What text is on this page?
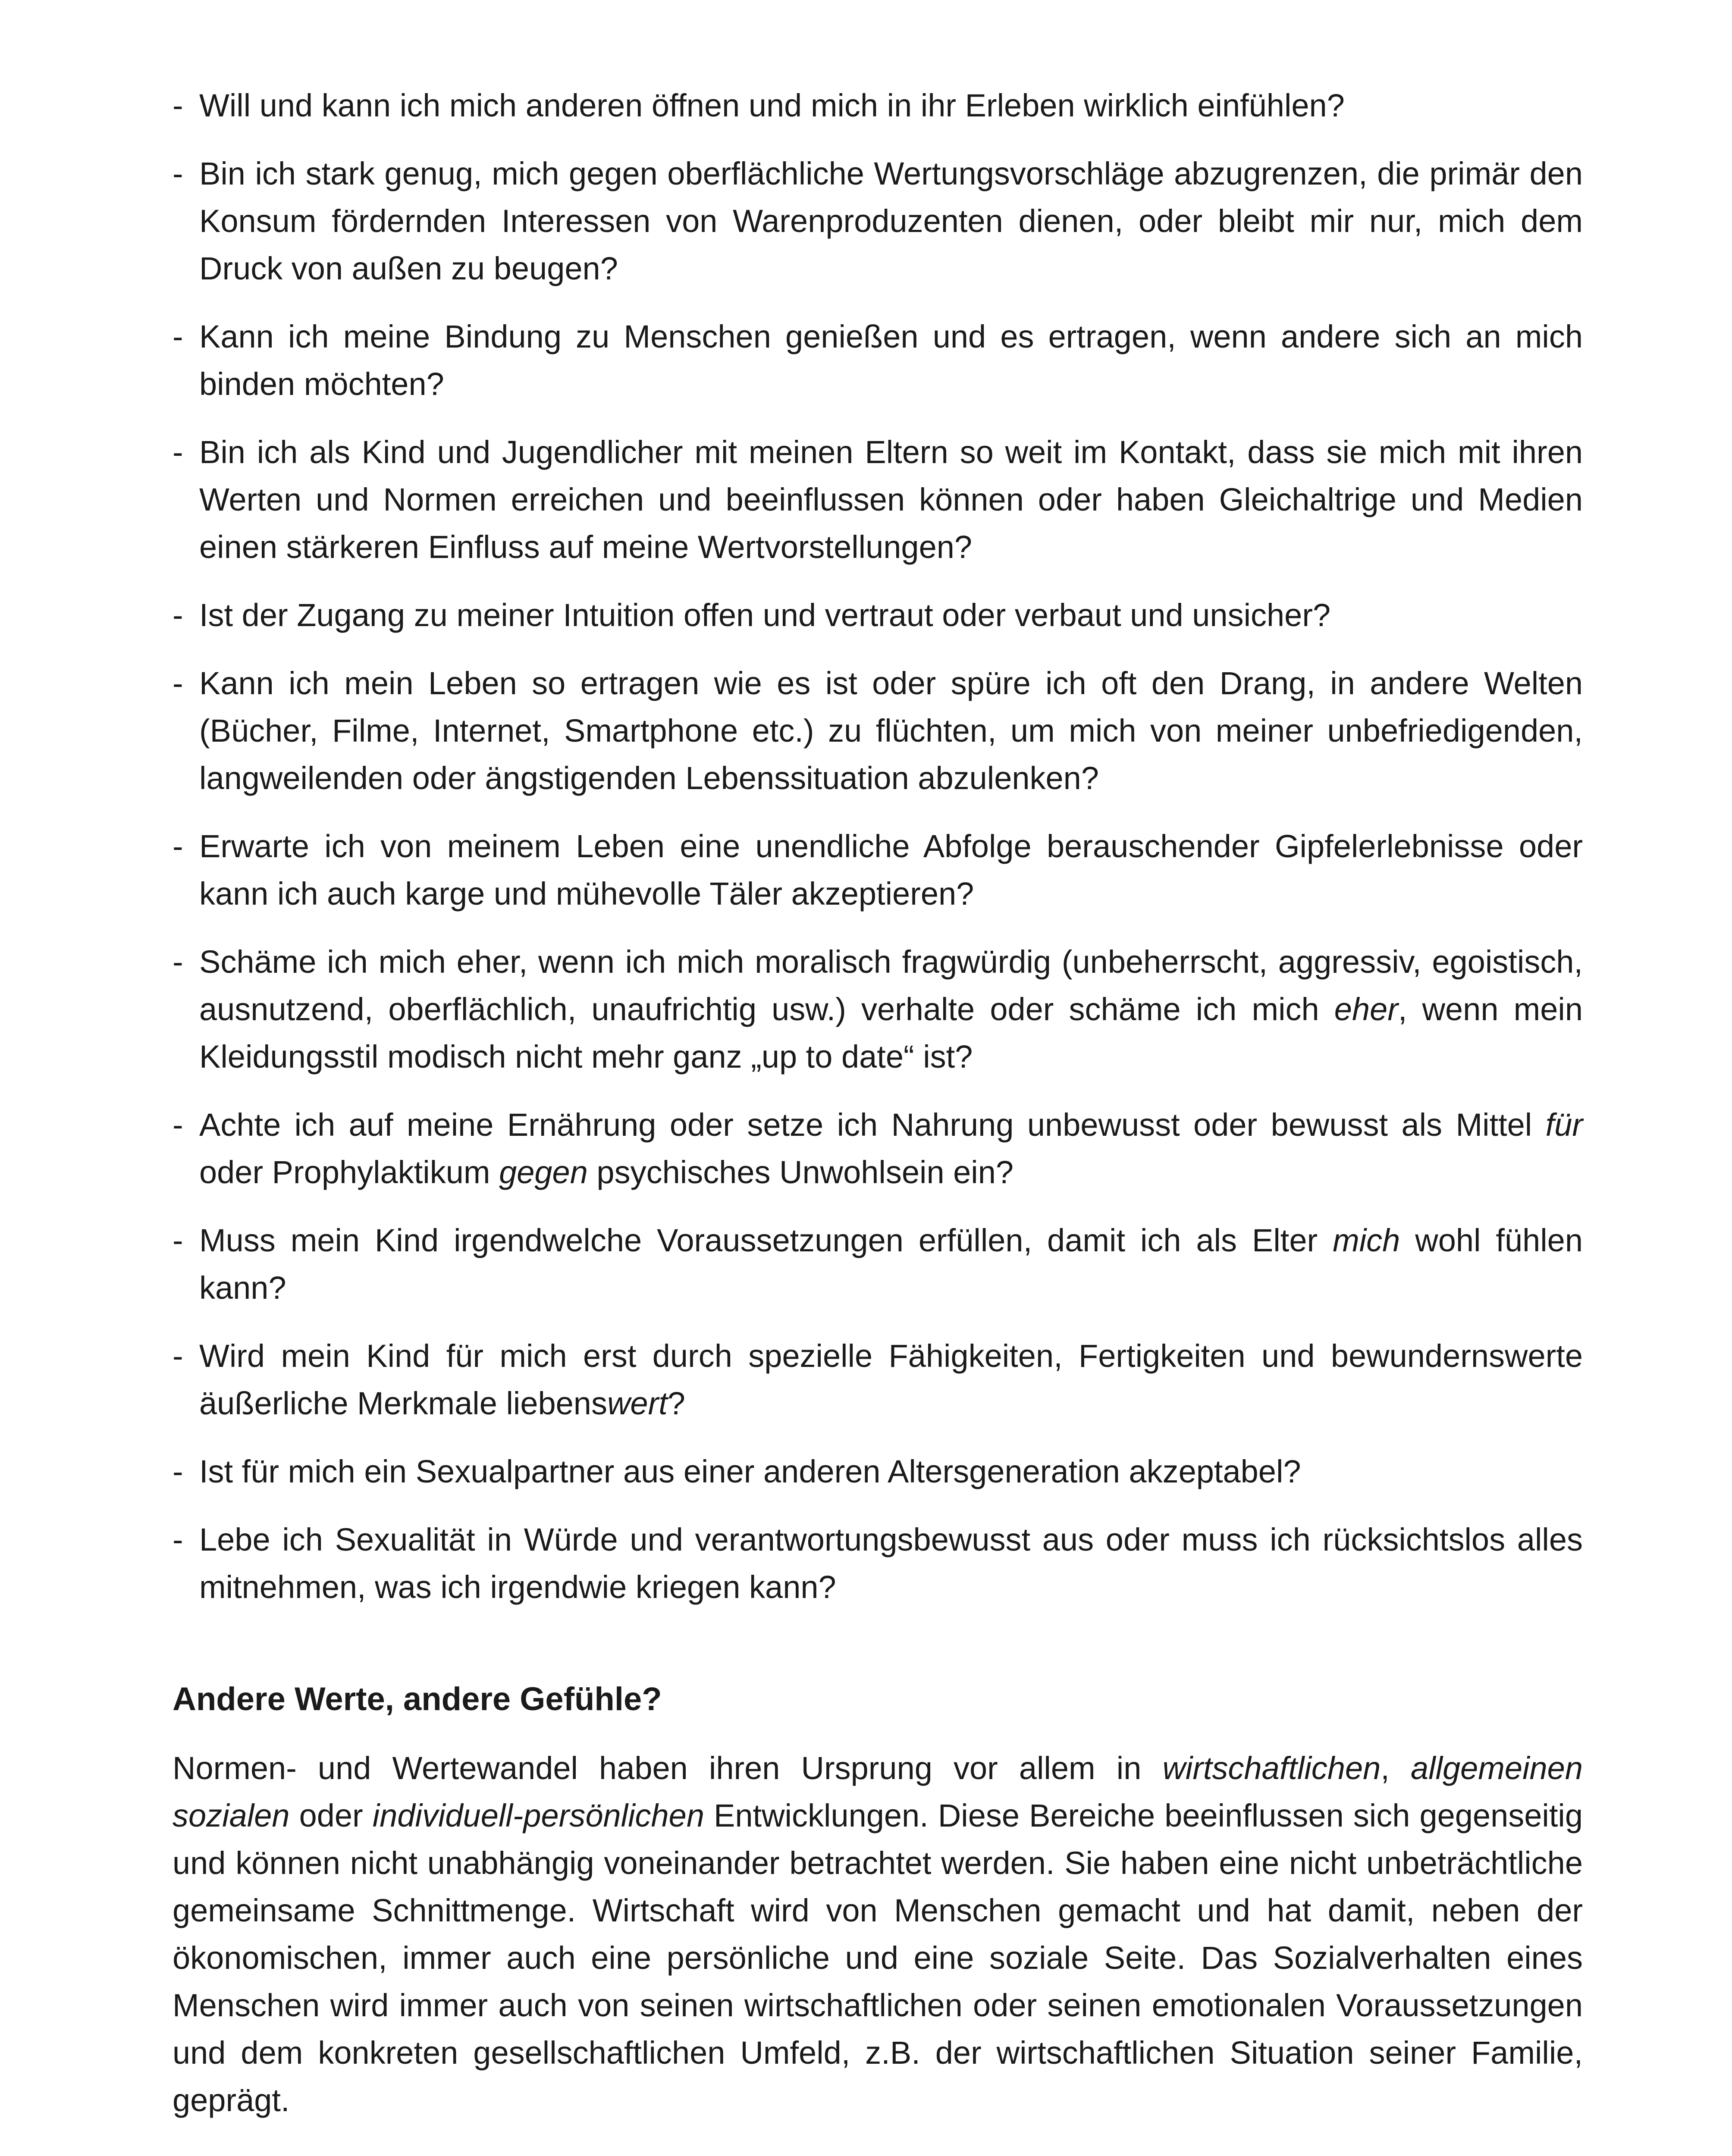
- Will und kann ich mich anderen öffnen und mich in ihr Erleben wirklich einfühlen?
- Bin ich stark genug, mich gegen oberflächliche Wertungsvorschläge abzugrenzen, die primär den Konsum fördernden Interessen von Warenproduzenten dienen, oder bleibt mir nur, mich dem Druck von außen zu beugen?
- Kann ich meine Bindung zu Menschen genießen und es ertragen, wenn andere sich an mich binden möchten?
- Bin ich als Kind und Jugendlicher mit meinen Eltern so weit im Kontakt, dass sie mich mit ihren Werten und Normen erreichen und beeinflussen können oder haben Gleichaltrige und Medien einen stärkeren Einfluss auf meine Wertvorstellungen?
- Ist der Zugang zu meiner Intuition offen und vertraut oder verbaut und unsicher?
- Kann ich mein Leben so ertragen wie es ist oder spüre ich oft den Drang, in andere Welten (Bücher, Filme, Internet, Smartphone etc.) zu flüchten, um mich von meiner unbefriedigenden, langweilenden oder ängstigenden Lebenssituation abzulenken?
- Erwarte ich von meinem Leben eine unendliche Abfolge berauschender Gipfelerlebnisse oder kann ich auch karge und mühevolle Täler akzeptieren?
- Schäme ich mich eher, wenn ich mich moralisch fragwürdig (unbeherrscht, aggressiv, egoistisch, ausnutzend, oberflächlich, unaufrichtig usw.) verhalte oder schäme ich mich eher, wenn mein Kleidungsstil modisch nicht mehr ganz „up to date“ ist?
- Achte ich auf meine Ernährung oder setze ich Nahrung unbewusst oder bewusst als Mittel für oder Prophylaktikum gegen psychisches Unwohlsein ein?
- Muss mein Kind irgendwelche Voraussetzungen erfüllen, damit ich als Elter mich wohl fühlen kann?
- Wird mein Kind für mich erst durch spezielle Fähigkeiten, Fertigkeiten und bewundernswerte äußerliche Merkmale liebenswert?
- Ist für mich ein Sexualpartner aus einer anderen Altersgeneration akzeptabel?
- Lebe ich Sexualität in Würde und verantwortungsbewusst aus oder muss ich rücksichtslos alles mitnehmen, was ich irgendwie kriegen kann?
Andere Werte, andere Gefühle?

Normen- und Wertewandel haben ihren Ursprung vor allem in wirtschaftlichen, allgemeinen sozialen oder individuell-persönlichen Entwicklungen. Diese Bereiche beeinflussen sich gegenseitig und können nicht unabhängig voneinander betrachtet werden. Sie haben eine nicht unbeträchtliche gemeinsame Schnittmenge. Wirtschaft wird von Menschen gemacht und hat damit, neben der ökonomischen, immer auch eine persönliche und eine soziale Seite. Das Sozialverhalten eines Menschen wird immer auch von seinen wirtschaftlichen oder seinen emotionalen Voraussetzungen und dem konkreten gesellschaftlichen Umfeld, z.B. der wirtschaftlichen Situation seiner Familie, geprägt.
